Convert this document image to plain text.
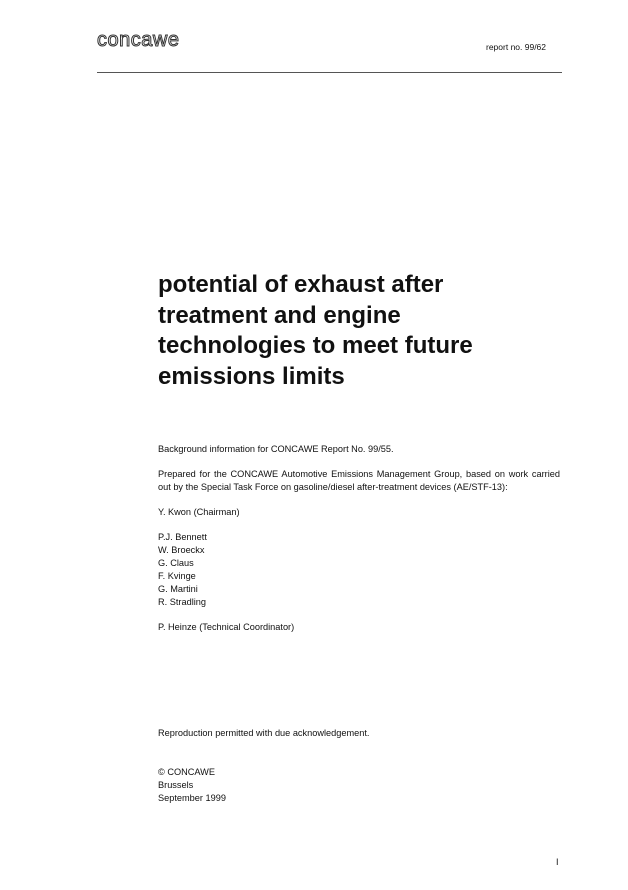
concawe	report no. 99/62
potential of exhaust after treatment and engine technologies to meet future emissions limits

Background information for CONCAWE Report No. 99/55.

Prepared for the CONCAWE Automotive Emissions Management Group, based on work carried out by the Special Task Force on gasoline/diesel after-treatment devices (AE/STF-13):

Y. Kwon (Chairman)

P.J. Bennett
W. Broeckx
G. Claus
F. Kvinge
G. Martini
R. Stradling

P. Heinze (Technical Coordinator)

Reproduction permitted with due acknowledgement.
© CONCAWE
Brussels
September 1999
I
